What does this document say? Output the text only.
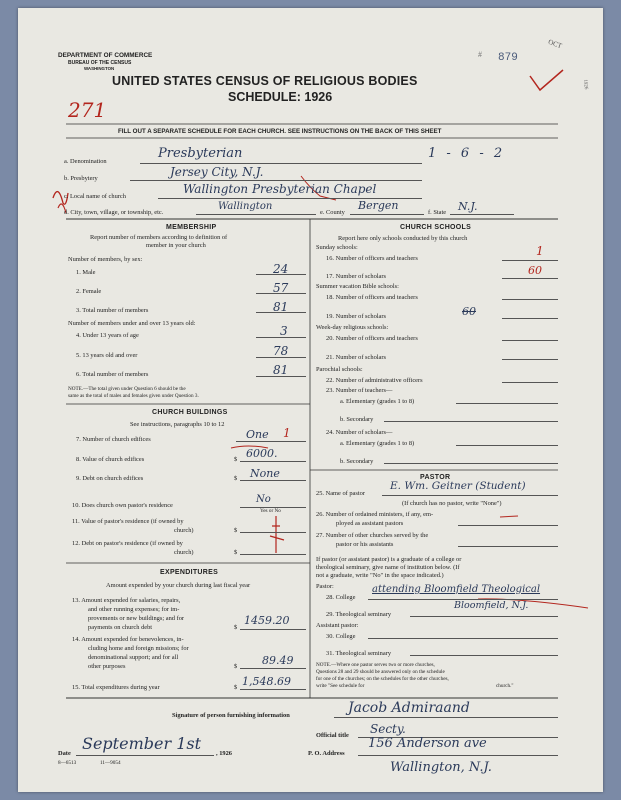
DEPARTMENT OF COMMERCE
BUREAU OF THE CENSUS
WASHINGTON
UNITED STATES CENSUS OF RELIGIOUS BODIES
SCHEDULE: 1926
FILL OUT A SEPARATE SCHEDULE FOR EACH CHURCH. SEE INSTRUCTIONS ON THE BACK OF THIS SHEET
# 879
OCT
1926
271
a. Denomination
Presbyterian	1 - 6 - 2
b. Presbytery	Jersey City, N.J.
c. Local name of church
Wallington Presbyterian Chapel
d. City, town, village, or township, etc.
Wallington
e. County
Bergen
f. State N.J.
MEMBERSHIP
Report number of members according to definition of
member in your church
Number of members, by sex:
1. Male	24
2. Female	57
3. Total number of members	81
Number of members under and over 13 years old:
4. Under 13 years of age	3
5. 13 years old and over	78
6. Total number of members	81
NOTE.—The total given under Question 6 should be the
same as the total of males and females given under Question 3.
CHURCH BUILDINGS
See instructions, paragraphs 10 to 12
7. Number of church edifices	One 1
8. Value of church edifices	$ 6000.
9. Debt on church edifices	$ None
10. Does church own pastor's residence
No
Yes or No
11. Value of pastor's residence (if owned by
church)	$
12. Debt on pastor's residence (if owned by
church)	$
EXPENDITURES
Amount expended by your church during last fiscal year
13. Amount expended for salaries, repairs,
and other running expenses; for im-
provements or new buildings; and for
payments on church debt	$
1459.20
14. Amount expended for benevolences, in-
cluding home and foreign missions; for
denominational support; and for all
other purposes	$ 89.49
15. Total expenditures during year	$ 1,548.69
CHURCH SCHOOLS
Report here only schools conducted by this church
Sunday schools:
16. Number of officers and teachers
1
17. Number of scholars	60
Summer vacation Bible schools:
18. Number of officers and teachers
19. Number of scholars	60
Week-day religious schools:
20. Number of officers and teachers
21. Number of scholars
Parochial schools:
22. Number of administrative officers
23. Number of teachers—
a. Elementary (grades 1 to 8)
b. Secondary
24. Number of scholars—
a. Elementary (grades 1 to 8)
b. Secondary
PASTOR
25. Name of pastor
E. Wm. Geitner (Student)
(If church has no pastor, write "None")
26. Number of ordained ministers, if any, em-
ployed as assistant pastors
27. Number of other churches served by the
pastor or his assistants
If pastor (or assistant pastor) is a graduate of a college or
theological seminary, give name of institution below. (If
not a graduate, write "No" in the space indicated.)
Pastor:
28. College
attending Bloomfield Theological
29. Theological seminary
Bloomfield, N.J.
Assistant pastor:
30. College
31. Theological seminary
NOTE.—Where one pastor serves two or more churches,
Questions 28 and 29 should be answered only on the schedule
for one of the churches; on the schedules for the other churches,
write "See schedule for	church."
Signature of person furnishing information	Jacob Admiraand
Official title Secty.
Date
September 1st
, 1926	P. O. Address
156 Anderson ave
Wallington, N.J.
8—6513	11—9054
